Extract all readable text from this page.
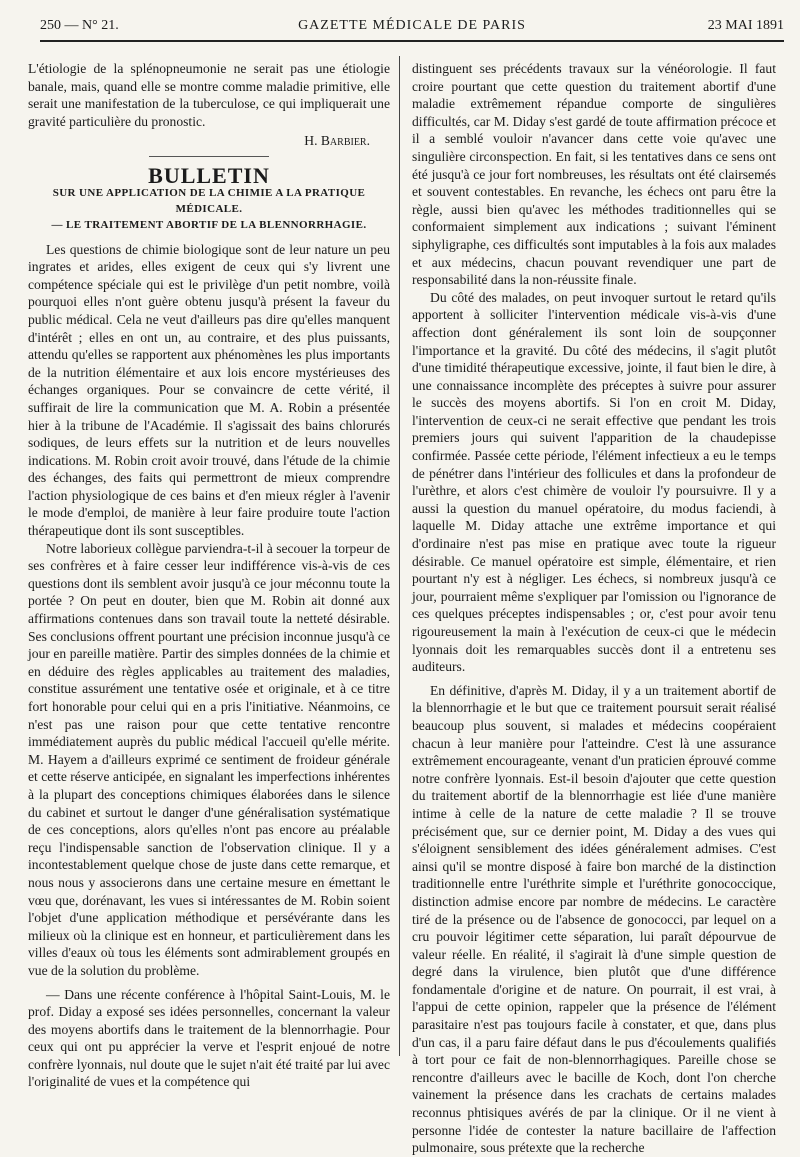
250 — N° 21.	GAZETTE MÉDICALE DE PARIS	23 MAI 1891

L'étiologie de la splénopneumonie ne serait pas une étiologie banale, mais, quand elle se montre comme maladie primitive, elle serait une manifestation de la tuberculose, ce qui impliquerait une gravité particulière du pronostic.

H. Barbier.

BULLETIN

SUR UNE APPLICATION DE LA CHIMIE A LA PRATIQUE MÉDICALE.

— LE TRAITEMENT ABORTIF DE LA BLENNORRHAGIE.

Les questions de chimie biologique sont de leur nature un peu ingrates et arides, elles exigent de ceux qui s'y livrent une compétence spéciale qui est le privilège d'un petit nombre, voilà pourquoi elles n'ont guère obtenu jusqu'à présent la faveur du public médical. Cela ne veut d'ailleurs pas dire qu'elles manquent d'intérêt ; elles en ont un, au contraire, et des plus puissants, attendu qu'elles se rapportent aux phénomènes les plus importants de la nutrition élémentaire et aux lois encore mystérieuses des échanges organiques. Pour se convaincre de cette vérité, il suffirait de lire la communication que M. A. Robin a présentée hier à la tribune de l'Académie. Il s'agissait des bains chlorurés sodiques, de leurs effets sur la nutrition et de leurs nouvelles indications. M. Robin croit avoir trouvé, dans l'étude de la chimie des échanges, des faits qui permettront de mieux comprendre l'action physiologique de ces bains et d'en mieux régler à l'avenir le mode d'emploi, de manière à leur faire produire toute l'action thérapeutique dont ils sont susceptibles.

Notre laborieux collègue parviendra-t-il à secouer la torpeur de ses confrères et à faire cesser leur indifférence vis-à-vis de ces questions dont ils semblent avoir jusqu'à ce jour méconnu toute la portée ? On peut en douter, bien que M. Robin ait donné aux affirmations contenues dans son travail toute la netteté désirable. Ses conclusions offrent pourtant une précision inconnue jusqu'à ce jour en pareille matière. Partir des simples données de la chimie et en déduire des règles applicables au traitement des maladies, constitue assurément une tentative osée et originale, et à ce titre fort honorable pour celui qui en a pris l'initiative. Néanmoins, ce n'est pas une raison pour que cette tentative rencontre immédiatement auprès du public médical l'accueil qu'elle mérite. M. Hayem a d'ailleurs exprimé ce sentiment de froideur générale et cette réserve anticipée, en signalant les imperfections inhérentes à la plupart des conceptions chimiques élaborées dans le silence du cabinet et surtout le danger d'une généralisation systématique de ces conceptions, alors qu'elles n'ont pas encore au préalable reçu l'indispensable sanction de l'observation clinique. Il y a incontestablement quelque chose de juste dans cette remarque, et nous nous y associerons dans une certaine mesure en émettant le vœu que, dorénavant, les vues si intéressantes de M. Robin soient l'objet d'une application méthodique et persévérante dans les milieux où la clinique est en honneur, et particulièrement dans les villes d'eaux où tous les éléments sont admirablement groupés en vue de la solution du problème.

— Dans une récente conférence à l'hôpital Saint-Louis, M. le prof. Diday a exposé ses idées personnelles, concernant la valeur des moyens abortifs dans le traitement de la blennorrhagie. Pour ceux qui ont pu apprécier la verve et l'esprit enjoué de notre confrère lyonnais, nul doute que le sujet n'ait été traité par lui avec l'originalité de vues et la compétence qui

distinguent ses précédents travaux sur la vénéorologie. Il faut croire pourtant que cette question du traitement abortif d'une maladie extrêmement répandue comporte de singulières difficultés, car M. Diday s'est gardé de toute affirmation précoce et il a semblé vouloir n'avancer dans cette voie qu'avec une singulière circonspection. En fait, si les tentatives dans ce sens ont été jusqu'à ce jour fort nombreuses, les résultats ont été clairsemés et souvent contestables. En revanche, les échecs ont paru être la règle, aussi bien qu'avec les méthodes traditionnelles qui se conformaient simplement aux indications ; suivant l'éminent siphyligraphe, ces difficultés sont imputables à la fois aux malades et aux médecins, chacun pouvant revendiquer une part de responsabilité dans la non-réussite finale.

Du côté des malades, on peut invoquer surtout le retard qu'ils apportent à solliciter l'intervention médicale vis-à-vis d'une affection dont généralement ils sont loin de soupçonner l'importance et la gravité. Du côté des médecins, il s'agit plutôt d'une timidité thérapeutique excessive, jointe, il faut bien le dire, à une connaissance incomplète des préceptes à suivre pour assurer le succès des moyens abortifs. Si l'on en croit M. Diday, l'intervention de ceux-ci ne serait effective que pendant les trois premiers jours qui suivent l'apparition de la chaudepisse confirmée. Passée cette période, l'élément infectieux a eu le temps de pénétrer dans l'intérieur des follicules et dans la profondeur de l'urèthre, et alors c'est chimère de vouloir l'y poursuivre. Il y a aussi la question du manuel opératoire, du modus faciendi, à laquelle M. Diday attache une extrême importance et qui d'ordinaire n'est pas mise en pratique avec toute la rigueur désirable. Ce manuel opératoire est simple, élémentaire, et rien pourtant n'y est à négliger. Les échecs, si nombreux jusqu'à ce jour, pourraient même s'expliquer par l'omission ou l'ignorance de ces quelques préceptes indispensables ; or, c'est pour avoir tenu rigoureusement la main à l'exécution de ceux-ci que le médecin lyonnais doit les remarquables succès dont il a entretenu ses auditeurs.

En définitive, d'après M. Diday, il y a un traitement abortif de la blennorrhagie et le but que ce traitement poursuit serait réalisé beaucoup plus souvent, si malades et médecins coopéraient chacun à leur manière pour l'atteindre. C'est là une assurance extrêmement encourageante, venant d'un praticien éprouvé comme notre confrère lyonnais. Est-il besoin d'ajouter que cette question du traitement abortif de la blennorrhagie est liée d'une manière intime à celle de la nature de cette maladie ? Il se trouve précisément que, sur ce dernier point, M. Diday a des vues qui s'éloignent sensiblement des idées généralement admises. C'est ainsi qu'il se montre disposé à faire bon marché de la distinction traditionnelle entre l'uréthrite simple et l'uréthrite gonococcique, distinction admise encore par nombre de médecins. Le caractère tiré de la présence ou de l'absence de gonococci, par lequel on a cru pouvoir légitimer cette séparation, lui paraît dépourvue de valeur réelle. En réalité, il s'agirait là d'une simple question de degré dans la virulence, bien plutôt que d'une différence fondamentale d'origine et de nature. On pourrait, il est vrai, à l'appui de cette opinion, rappeler que la présence de l'élément parasitaire n'est pas toujours facile à constater, et que, dans plus d'un cas, il a paru faire défaut dans le pus d'écoulements qualifiés à tort pour ce fait de non-blennorrhagiques. Pareille chose se rencontre d'ailleurs avec le bacille de Koch, dont l'on cherche vainement la présence dans les crachats de certains malades reconnus phtisiques avérés de par la clinique. Or il ne vient à personne l'idée de contester la nature bacillaire de l'affection pulmonaire, sous prétexte que la recherche
